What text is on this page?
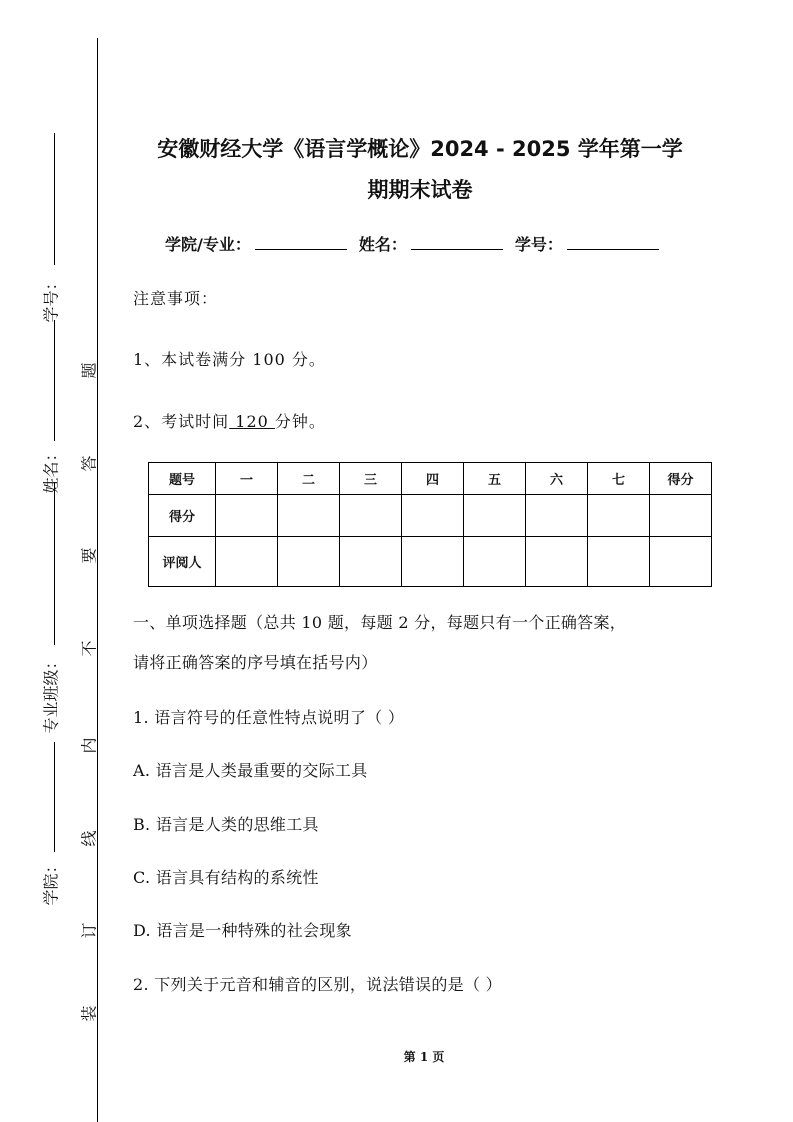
学号：
姓名：
专业班级：
学院：
题
答
要
不
内
线
订
装
安徽财经大学《语言学概论》2024 - 2025 学年第一学
期期末试卷
学院/专业：	姓名：	学号：
注意事项：
1、本试卷满分 100 分。
2、考试时间 120 分钟。
题号	一	二	三	四	五	六	七	得分
得分								
评阅人								
一、单项选择题（总共 10 题，每题 2 分，每题只有一个正确答案，
请将正确答案的序号填在括号内）
1. 语言符号的任意性特点说明了（ ）
A. 语言是人类最重要的交际工具
B. 语言是人类的思维工具
C. 语言具有结构的系统性
D. 语言是一种特殊的社会现象
2. 下列关于元音和辅音的区别，说法错误的是（ ）
第 1 页
